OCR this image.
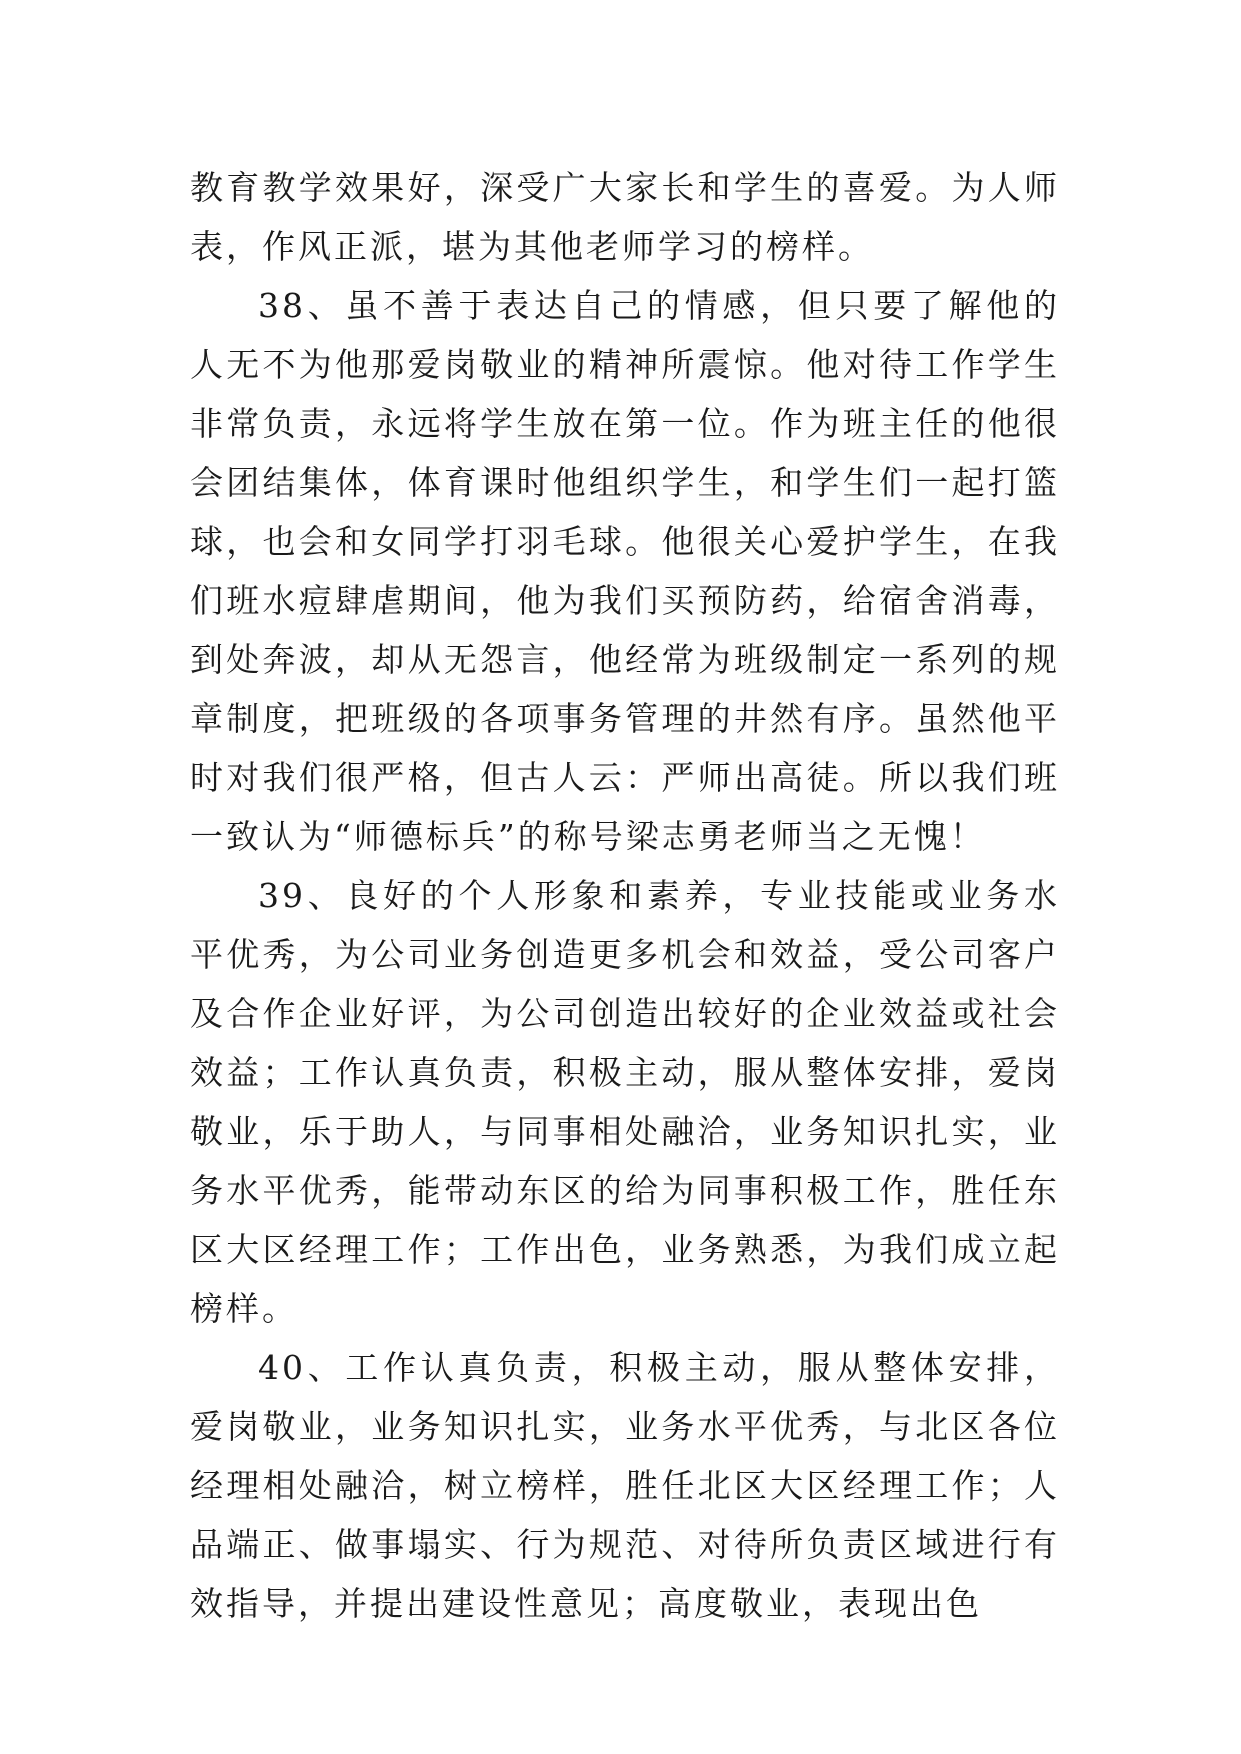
教育教学效果好，深受广大家长和学生的喜爱。为人师表，作风正派，堪为其他老师学习的榜样。

38、虽不善于表达自己的情感，但只要了解他的人无不为他那爱岗敬业的精神所震惊。他对待工作学生非常负责，永远将学生放在第一位。作为班主任的他很会团结集体，体育课时他组织学生，和学生们一起打篮球，也会和女同学打羽毛球。他很关心爱护学生，在我们班水痘肆虐期间，他为我们买预防药，给宿舍消毒，到处奔波，却从无怨言，他经常为班级制定一系列的规章制度，把班级的各项事务管理的井然有序。虽然他平时对我们很严格，但古人云：严师出高徒。所以我们班一致认为“师德标兵”的称号梁志勇老师当之无愧！

39、良好的个人形象和素养，专业技能或业务水平优秀，为公司业务创造更多机会和效益，受公司客户及合作企业好评，为公司创造出较好的企业效益或社会效益；工作认真负责，积极主动，服从整体安排，爱岗敬业，乐于助人，与同事相处融洽，业务知识扎实，业务水平优秀，能带动东区的给为同事积极工作，胜任东区大区经理工作；工作出色，业务熟悉，为我们成立起榜样。

40、工作认真负责，积极主动，服从整体安排，爱岗敬业，业务知识扎实，业务水平优秀，与北区各位经理相处融洽，树立榜样，胜任北区大区经理工作；人品端正、做事塌实、行为规范、对待所负责区域进行有效指导，并提出建设性意见；高度敬业，表现出色
